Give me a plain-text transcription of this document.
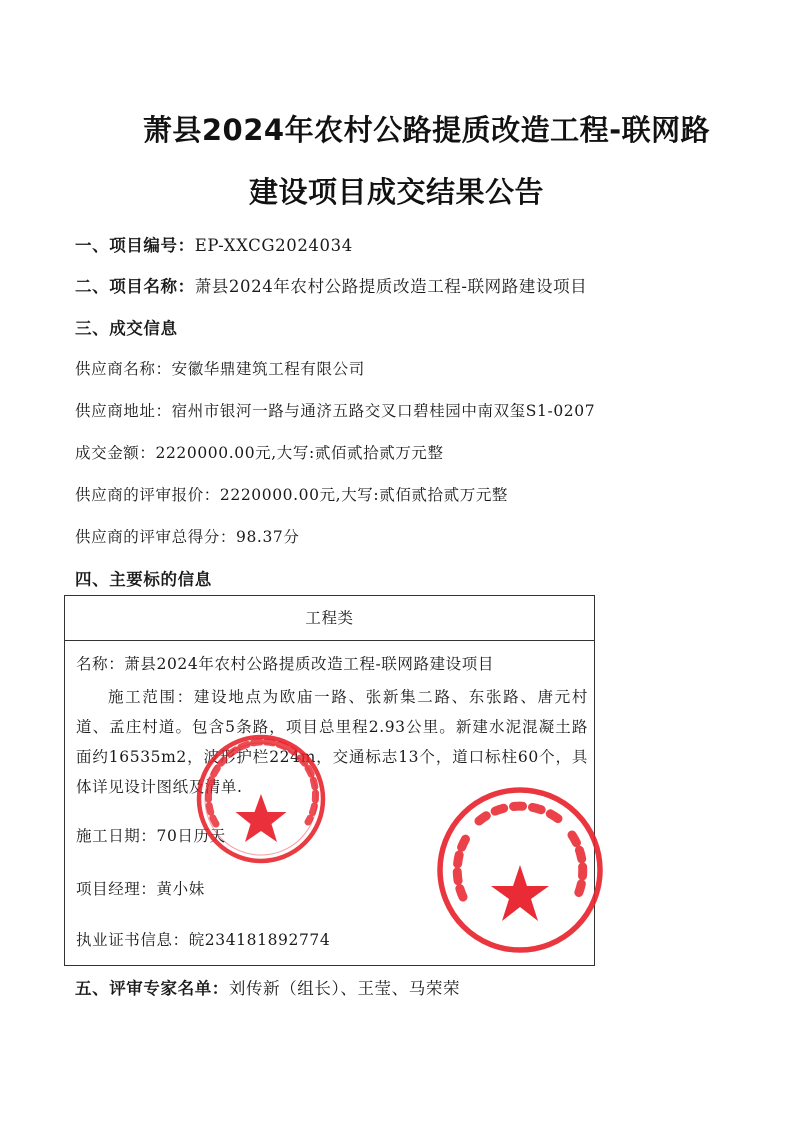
萧县2024年农村公路提质改造工程-联网路
建设项目成交结果公告
一、项目编号：EP-XXCG2024034
二、项目名称：萧县2024年农村公路提质改造工程-联网路建设项目
三、成交信息
供应商名称：安徽华鼎建筑工程有限公司
供应商地址：宿州市银河一路与通济五路交叉口碧桂园中南双玺S1-0207
成交金额：2220000.00元,大写:贰佰贰拾贰万元整
供应商的评审报价：2220000.00元,大写:贰佰贰拾贰万元整
供应商的评审总得分：98.37分
四、主要标的信息
工程类
名称：萧县2024年农村公路提质改造工程-联网路建设项目

施工范围：建设地点为欧庙一路、张新集二路、东张路、唐元村道、孟庄村道。包含5条路，项目总里程2.93公里。新建水泥混凝土路面约16535m2，波形护栏224m，交通标志13个，道口标柱60个，具体详见设计图纸及清单.

施工日期：70日历天
项目经理：黄小妹
执业证书信息：皖234181892774
五、评审专家名单：刘传新（组长）、王莹、马荣荣
